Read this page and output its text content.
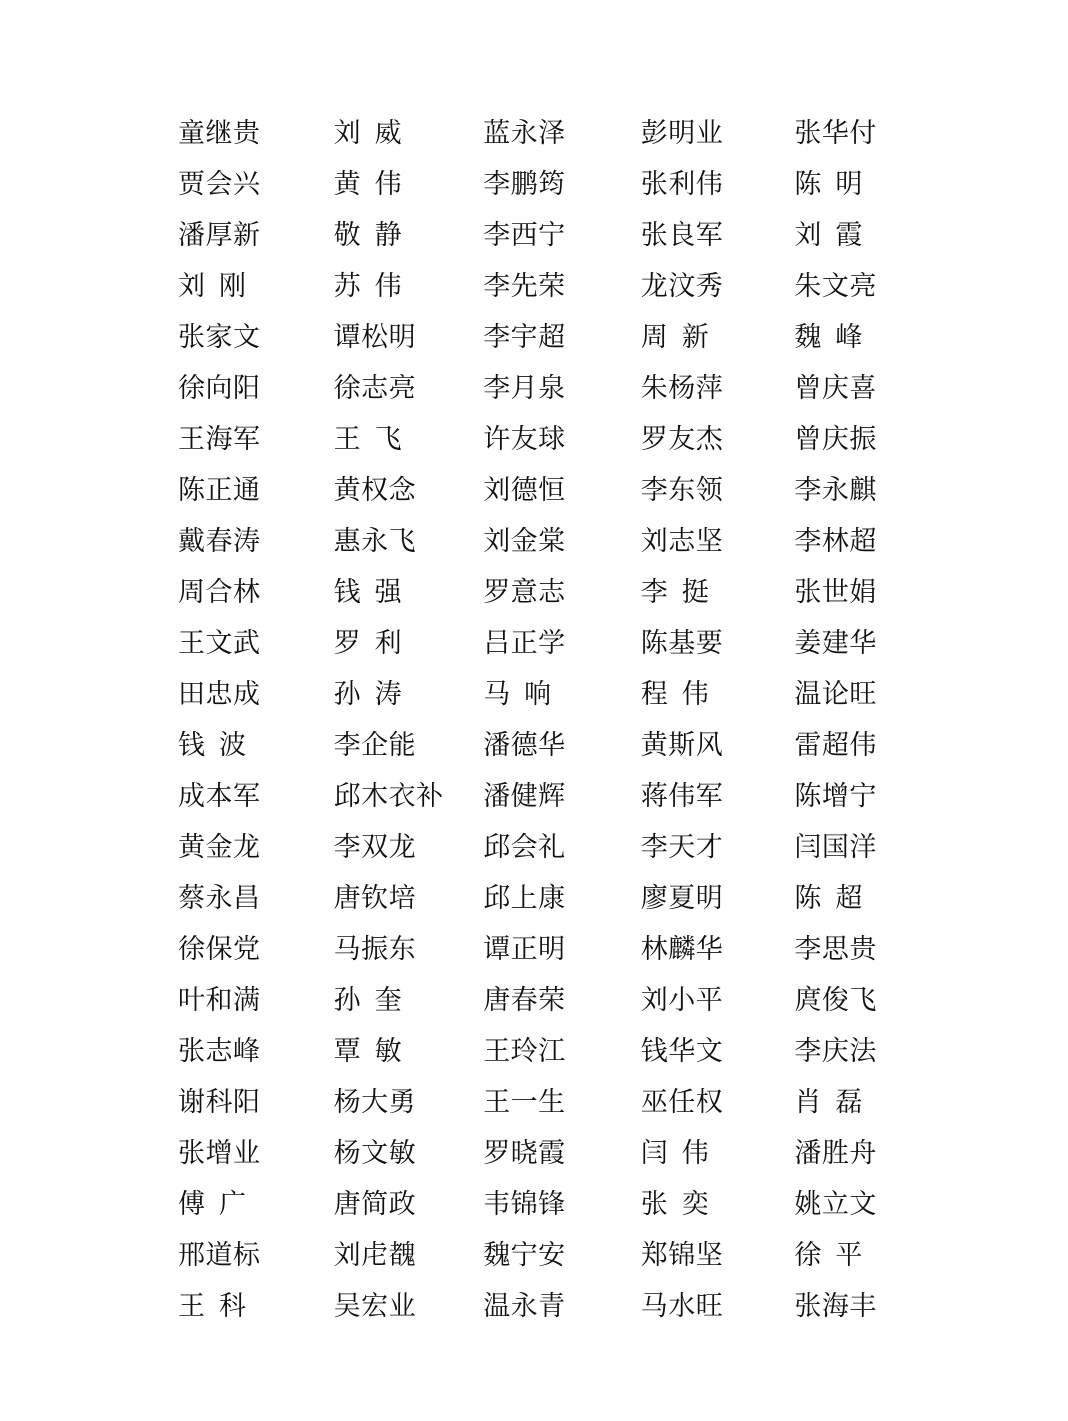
童继贵	刘威	蓝永泽	彭明业	张华付
贾会兴	黄伟	李鹏筠	张利伟	陈明
潘厚新	敬静	李西宁	张良军	刘霞
刘刚	苏伟	李先荣	龙汶秀	朱文亮
张家文	谭松明	李宇超	周新	魏峰
徐向阳	徐志亮	李月泉	朱杨萍	曾庆喜
王海军	王飞	许友球	罗友杰	曾庆振
陈正通	黄权念	刘德恒	李东领	李永麒
戴春涛	惠永飞	刘金棠	刘志坚	李林超
周合林	钱强	罗意志	李挺	张世娟
王文武	罗利	吕正学	陈基要	姜建华
田忠成	孙涛	马响	程伟	温论旺
钱波	李企能	潘德华	黄斯风	雷超伟
成本军	邱木衣补	潘健辉	蒋伟军	陈增宁
黄金龙	李双龙	邱会礼	李天才	闫国洋
蔡永昌	唐钦培	邱上康	廖夏明	陈超
徐保党	马振东	谭正明	林麟华	李思贵
叶和满	孙奎	唐春荣	刘小平	庹俊飞
张志峰	覃敏	王玲江	钱华文	李庆法
谢科阳	杨大勇	王一生	巫任权	肖磊
张增业	杨文敏	罗晓霞	闫伟	潘胜舟
傅广	唐简政	韦锦锋	张奕	姚立文
邢道标	刘虍䰩	魏宁安	郑锦坚	徐平
王科	吴宏业	温永青	马水旺	张海丰
